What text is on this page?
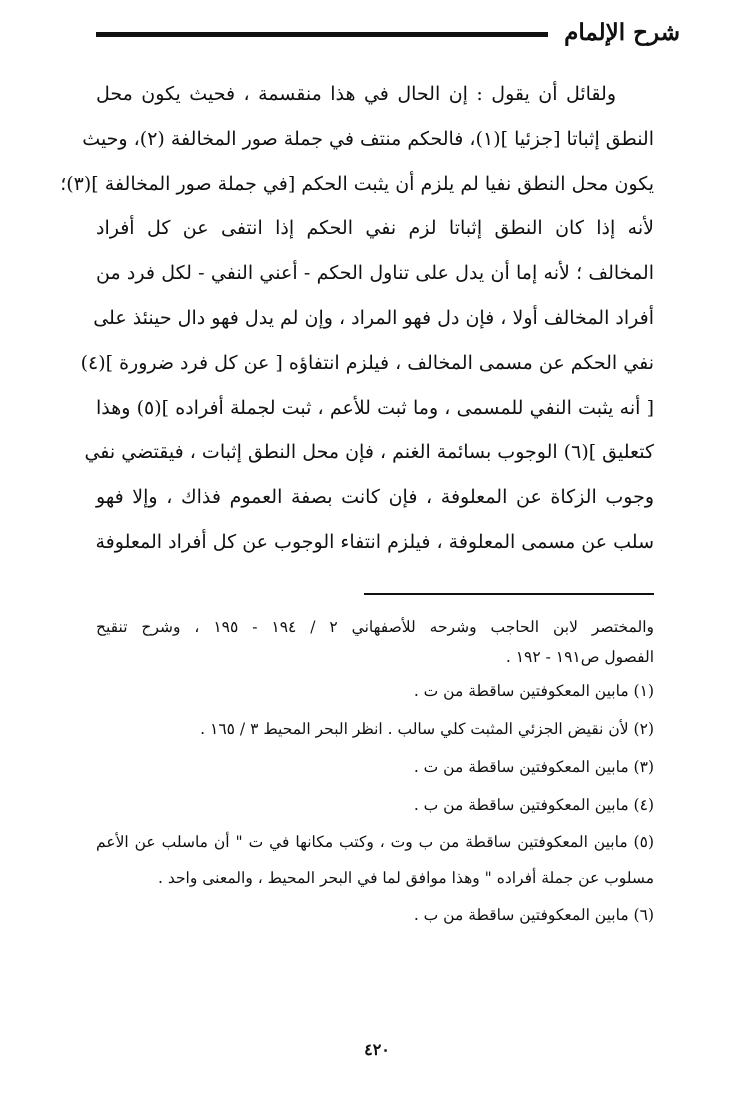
شرح الإلمام
ولقائل أن يقول : إن الحال في هذا منقسمة ، فحيث يكون محل
النطق إثباتا [جزئيا ](١)، فالحكم منتف في جملة صور المخالفة (٢)، وحيث
يكون محل النطق نفيا لم يلزم أن يثبت الحكم [في جملة صور المخالفة ](٣)؛
لأنه إذا كان النطق إثباتا لزم نفي الحكم إذا انتفى عن كل أفراد
المخالف ؛ لأنه إما أن يدل على تناول الحكم - أعني النفي - لكل فرد من
أفراد المخالف أولا ، فإن دل فهو المراد ، وإن لم يدل فهو دال حينئذ على
نفي الحكم عن مسمى المخالف ، فيلزم انتفاؤه [ عن كل فرد ضرورة ](٤)
[ أنه يثبت النفي للمسمى ، وما ثبت للأعم ، ثبت لجملة أفراده ](٥) وهذا
كتعليق ](٦) الوجوب بسائمة الغنم ، فإن محل النطق إثبات ، فيقتضي نفي
وجوب الزكاة عن المعلوفة ، فإن كانت بصفة العموم فذاك ، وإلا فهو
سلب عن مسمى المعلوفة ، فيلزم انتفاء الوجوب عن كل أفراد المعلوفة
والمختصر لابن الحاجب وشرحه للأصفهاني ٢ / ١٩٤ - ١٩٥ ، وشرح تنقيح
الفصول ص١٩١ - ١٩٢ .
(١) مابين المعكوفتين ساقطة من ت .
(٢) لأن نقيض الجزئي المثبت كلي سالب . انظر البحر المحيط ٣ / ١٦٥ .
(٣) مابين المعكوفتين ساقطة من ت .
(٤) مابين المعكوفتين ساقطة من ب .
(٥) مابين المعكوفتين ساقطة من ب وت ، وكتب مكانها في ت " أن ماسلب عن الأعم مسلوب عن جملة أفراده " وهذا موافق لما في البحر المحيط ، والمعنى واحد .
(٦) مابين المعكوفتين ساقطة من ب .
٤٢٠
